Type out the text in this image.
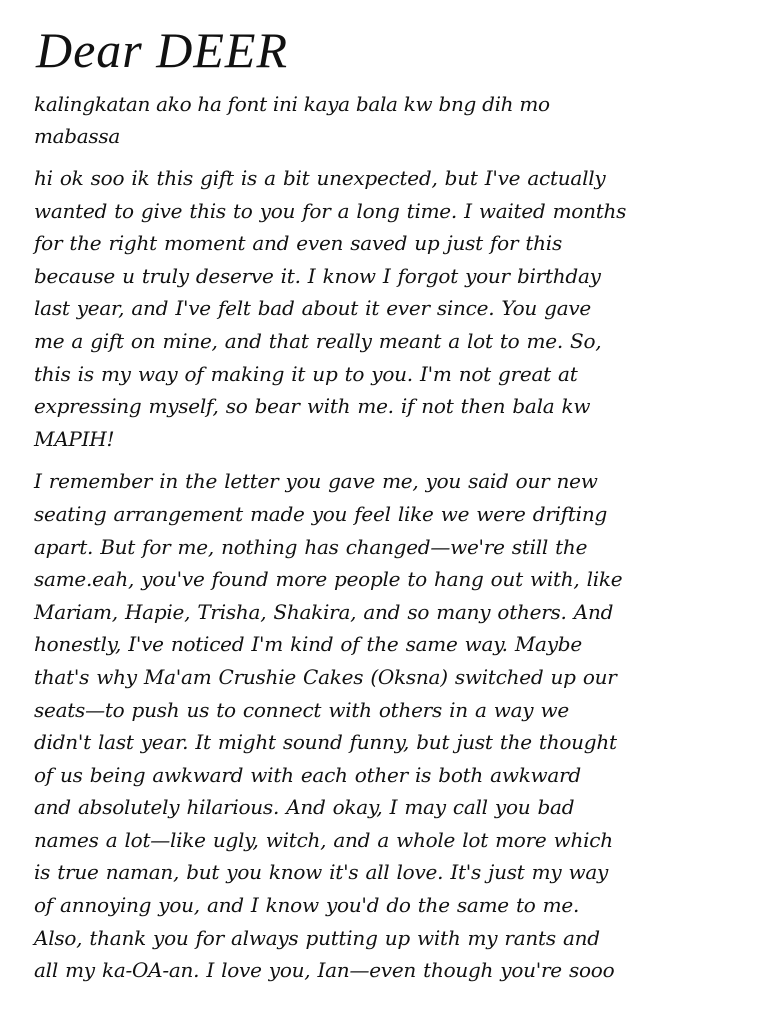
Dear DEER
kalingkatan ako ha font ini kaya bala kw bng dih mo
mabassa
hi ok soo ik this gift is a bit unexpected, but I've actually
wanted to give this to you for a long time. I waited months
for the right moment and even saved up just for this
because u truly deserve it. I know I forgot your birthday
last year, and I've felt bad about it ever since. You gave
me a gift on mine, and that really meant a lot to me. So,
this is my way of making it up to you. I'm not great at
expressing myself, so bear with me. if not then bala kw
MAPIH!
I remember in the letter you gave me, you said our new
seating arrangement made you feel like we were drifting
apart. But for me, nothing has changed—we're still the
same.eah, you've found more people to hang out with, like
Mariam, Hapie, Trisha, Shakira, and so many others. And
honestly, I've noticed I'm kind of the same way. Maybe
that's why Ma'am Crushie Cakes (Oksna) switched up our
seats—to push us to connect with others in a way we
didn't last year. It might sound funny, but just the thought
of us being awkward with each other is both awkward
and absolutely hilarious. And okay, I may call you bad
names a lot—like ugly, witch, and a whole lot more which
is true naman, but you know it's all love. It's just my way
of annoying you, and I know you'd do the same to me.
Also, thank you for always putting up with my rants and
all my ka-OA-an. I love you, Ian—even though you're sooo
